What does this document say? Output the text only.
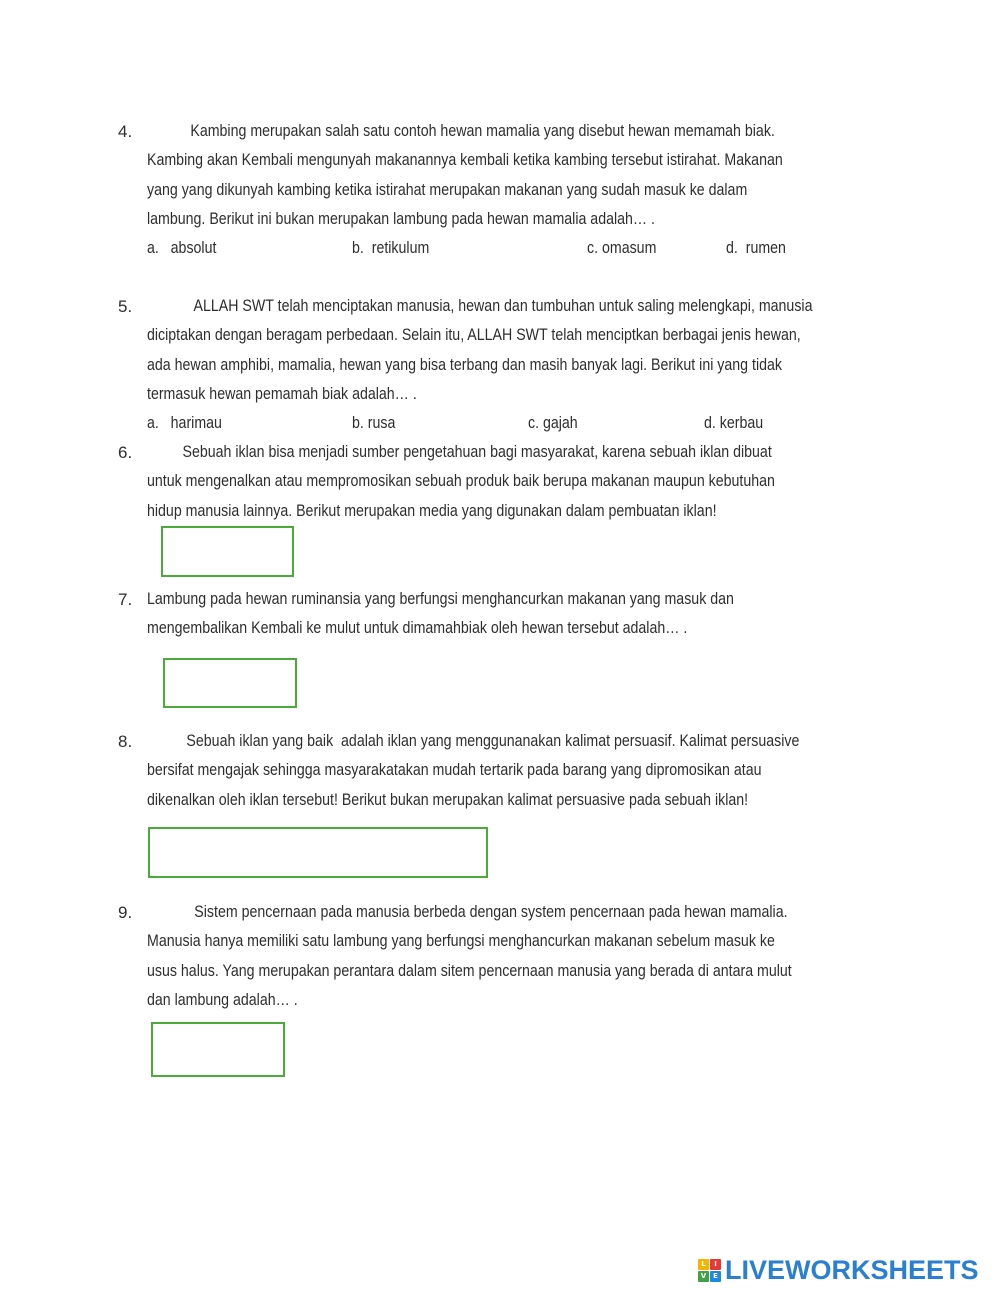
4. Kambing merupakan salah satu contoh hewan mamalia yang disebut hewan memamah biak.
Kambing akan Kembali mengunyah makanannya kembali ketika kambing tersebut istirahat. Makanan
yang yang dikunyah kambing ketika istirahat merupakan makanan yang sudah masuk ke dalam
lambung. Berikut ini bukan merupakan lambung pada hewan mamalia adalah… .
a.   absolut	b.  retikulum	c. omasum	d.  rumen
5. ALLAH SWT telah menciptakan manusia, hewan dan tumbuhan untuk saling melengkapi, manusia
diciptakan dengan beragam perbedaan. Selain itu, ALLAH SWT telah menciptkan berbagai jenis hewan,
ada hewan amphibi, mamalia, hewan yang bisa terbang dan masih banyak lagi. Berikut ini yang tidak
termasuk hewan pemamah biak adalah… .
a.   harimau	b. rusa	c. gajah	d. kerbau
6. Sebuah iklan bisa menjadi sumber pengetahuan bagi masyarakat, karena sebuah iklan dibuat
untuk mengenalkan atau mempromosikan sebuah produk baik berupa makanan maupun kebutuhan
hidup manusia lainnya. Berikut merupakan media yang digunakan dalam pembuatan iklan!
7. Lambung pada hewan ruminansia yang berfungsi menghancurkan makanan yang masuk dan
mengembalikan Kembali ke mulut untuk dimamahbiak oleh hewan tersebut adalah… .
8. Sebuah iklan yang baik  adalah iklan yang menggunanakan kalimat persuasif. Kalimat persuasive
bersifat mengajak sehingga masyarakatakan mudah tertarik pada barang yang dipromosikan atau
dikenalkan oleh iklan tersebut! Berikut bukan merupakan kalimat persuasive pada sebuah iklan!
9. Sistem pencernaan pada manusia berbeda dengan system pencernaan pada hewan mamalia.
Manusia hanya memiliki satu lambung yang berfungsi menghancurkan makanan sebelum masuk ke
usus halus. Yang merupakan perantara dalam sitem pencernaan manusia yang berada di antara mulut
dan lambung adalah… .
L	I
V E LIVEWORKSHEETS
